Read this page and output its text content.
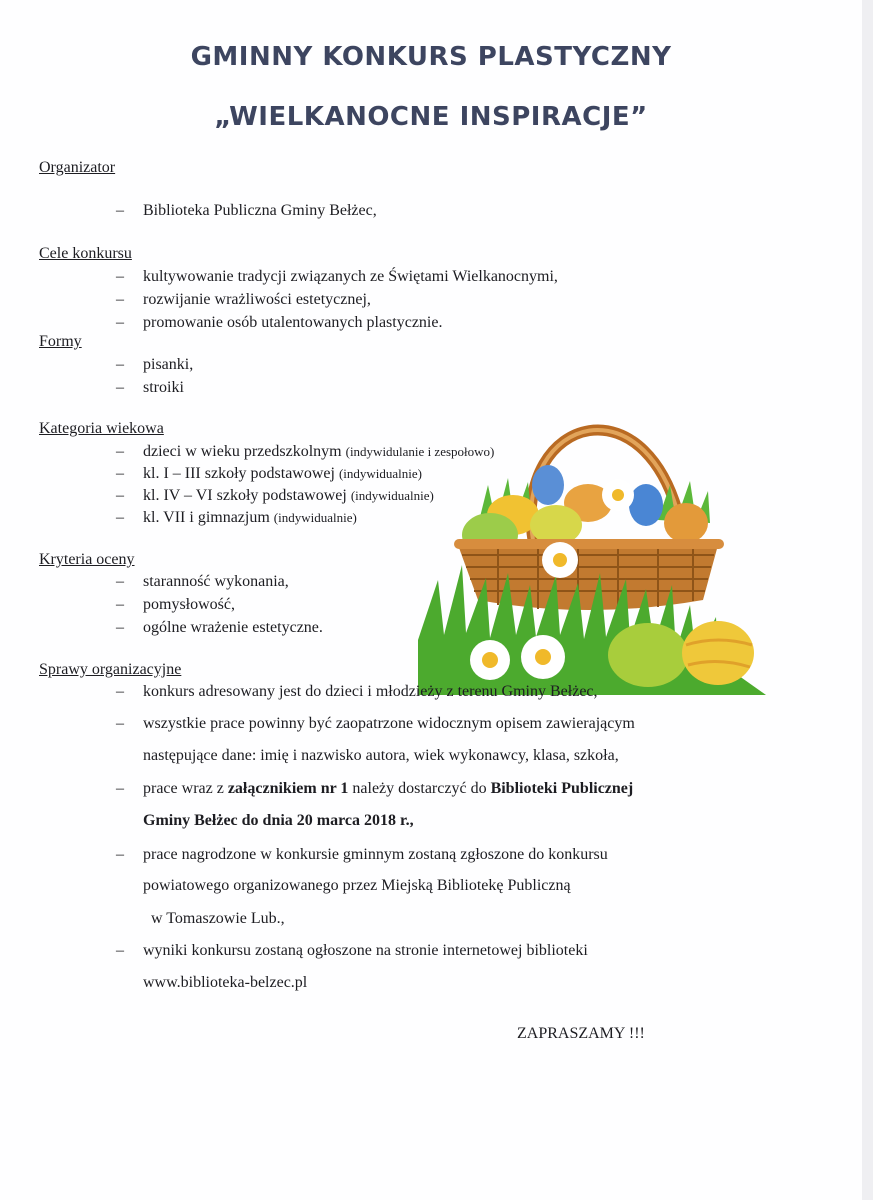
GMINNY KONKURS PLASTYCZNY
„WIELKANOCNE INSPIRACJE”
Organizator
– Biblioteka Publiczna Gminy Bełżec,
Cele konkursu
– kultywowanie tradycji związanych ze Świętami Wielkanocnymi,
– rozwijanie wrażliwości estetycznej,
– promowanie osób utalentowanych plastycznie.
Formy
– pisanki,
– stroiki
Kategoria wiekowa
– dzieci w wieku przedszkolnym (indywidulanie i zespołowo)
– kl. I – III szkoły podstawowej (indywidualnie)
– kl. IV – VI szkoły podstawowej (indywidualnie)
– kl. VII i gimnazjum (indywidualnie)
Kryteria oceny
– staranność wykonania,
– pomysłowość,
– ogólne wrażenie estetyczne.
Sprawy organizacyjne
– konkurs adresowany jest do dzieci i młodzieży z terenu Gminy Bełżec,
– wszystkie prace powinny być zaopatrzone widocznym opisem zawierającym
następujące dane: imię i nazwisko autora, wiek wykonawcy, klasa, szkoła,
– prace wraz z załącznikiem nr 1 należy dostarczyć do Biblioteki Publicznej
Gminy Bełżec do dnia 20 marca 2018 r.,
– prace nagrodzone w konkursie gminnym zostaną zgłoszone do konkursu
powiatowego organizowanego przez Miejską Bibliotekę Publiczną
w Tomaszowie Lub.,
– wyniki konkursu zostaną ogłoszone na stronie internetowej biblioteki
www.biblioteka-belzec.pl
ZAPRASZAMY !!!
